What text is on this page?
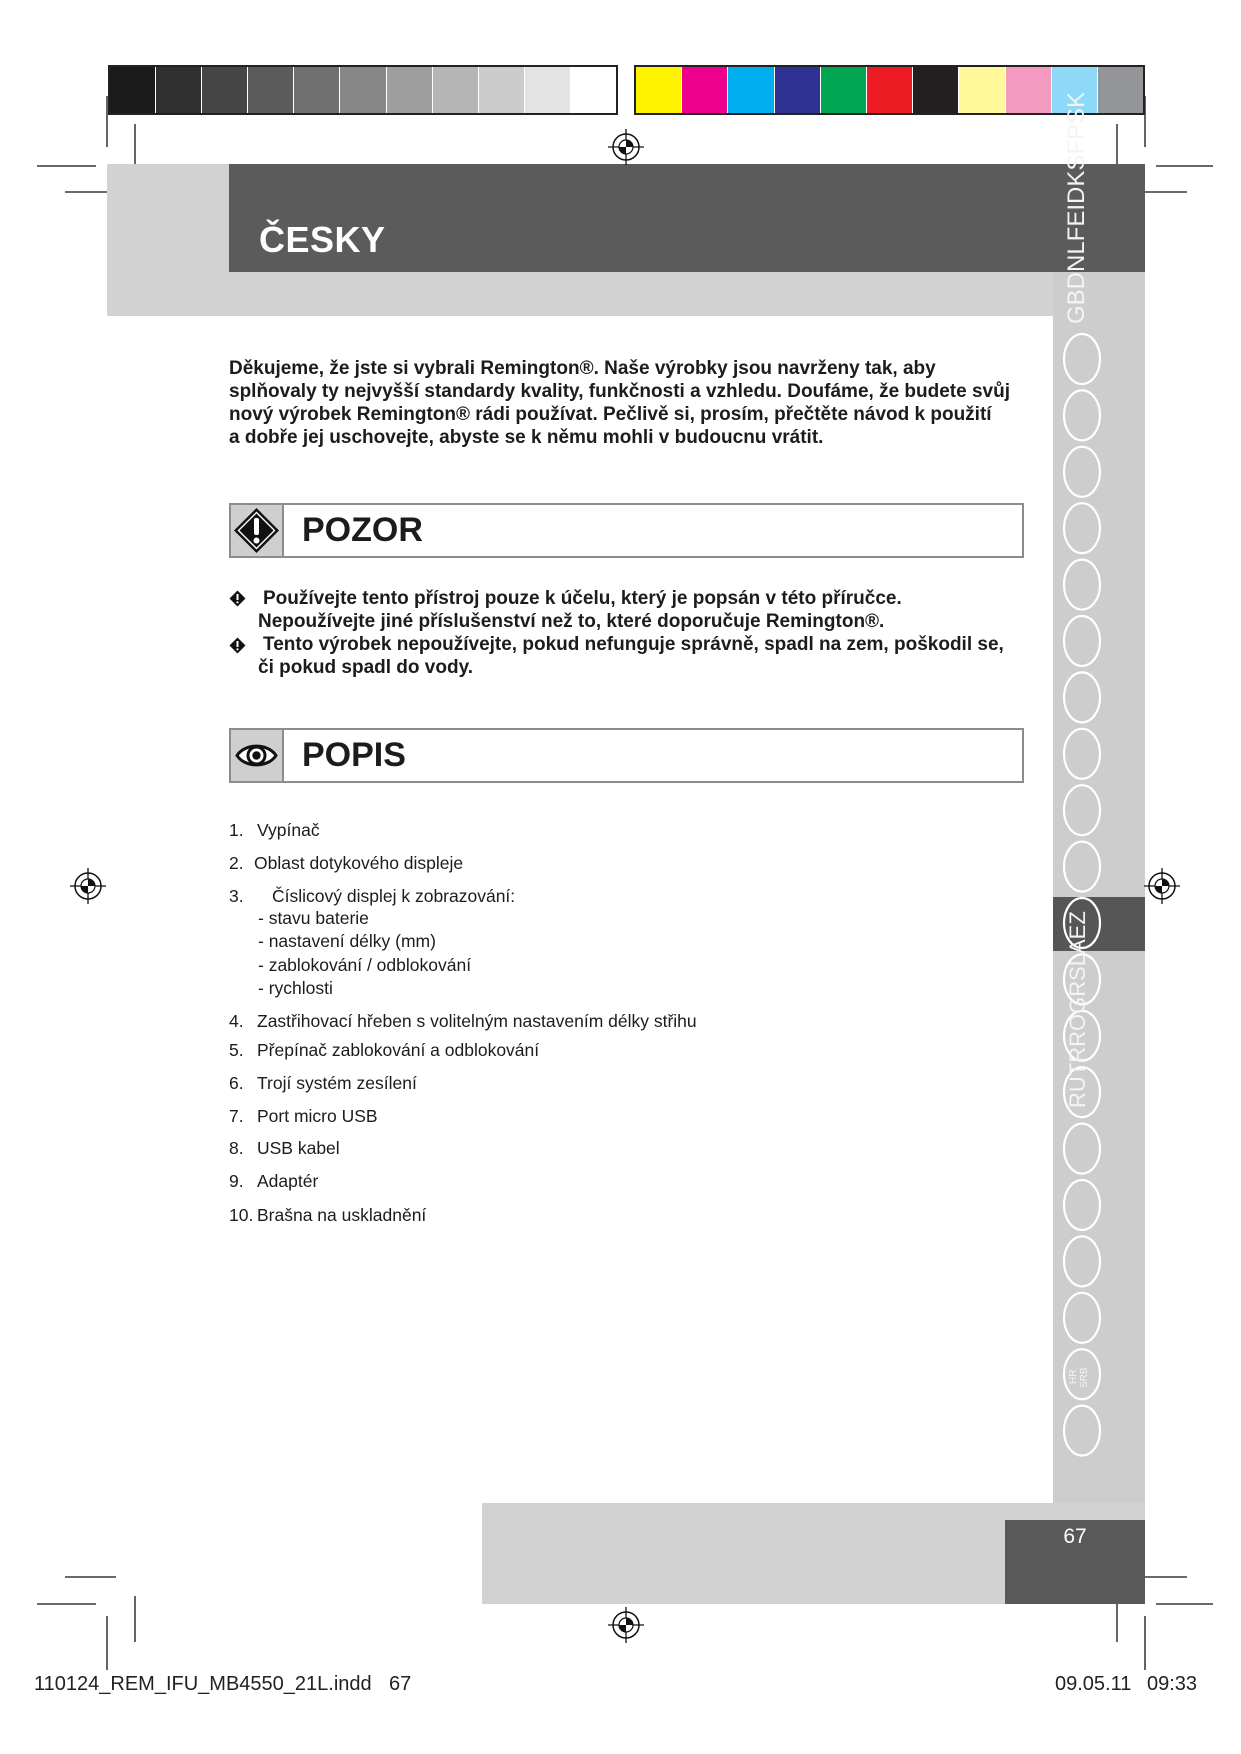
ČESKY	GBDNLFEIDKSFPSK
RUTRROGRSLAEZ
HR SRB
Děkujeme, že jste si vybrali Remington®. Naše výrobky jsou navrženy tak, aby
splňovaly ty nejvyšší standardy kvality, funkčnosti a vzhledu. Doufáme, že budete svůj
nový výrobek Remington® rádi používat. Pečlivě si, prosím, přečtěte návod k použití
a dobře jej uschovejte, abyste se k němu mohli v budoucnu vrátit.
POZOR
Používejte tento přístroj pouze k účelu, který je popsán v této příručce.
Nepoužívejte jiné příslušenství než to, které doporučuje Remington®.
Tento výrobek nepoužívejte, pokud nefunguje správně, spadl na zem, poškodil se,
či pokud spadl do vody.
POPIS
1. Vypínač
2. Oblast dotykového displeje
3. Číslicový displej k zobrazování:
- stavu baterie
- nastavení délky (mm)
- zablokování / odblokování
- rychlosti
4. Zastřihovací hřeben s volitelným nastavením délky střihu
5. Přepínač zablokování a odblokování
6. Trojí systém zesílení
7. Port micro USB
8. USB kabel
9. Adaptér
10. Brašna na uskladnění
67
110124_REM_IFU_MB4550_21L.indd 67	09.05.11 09:33
